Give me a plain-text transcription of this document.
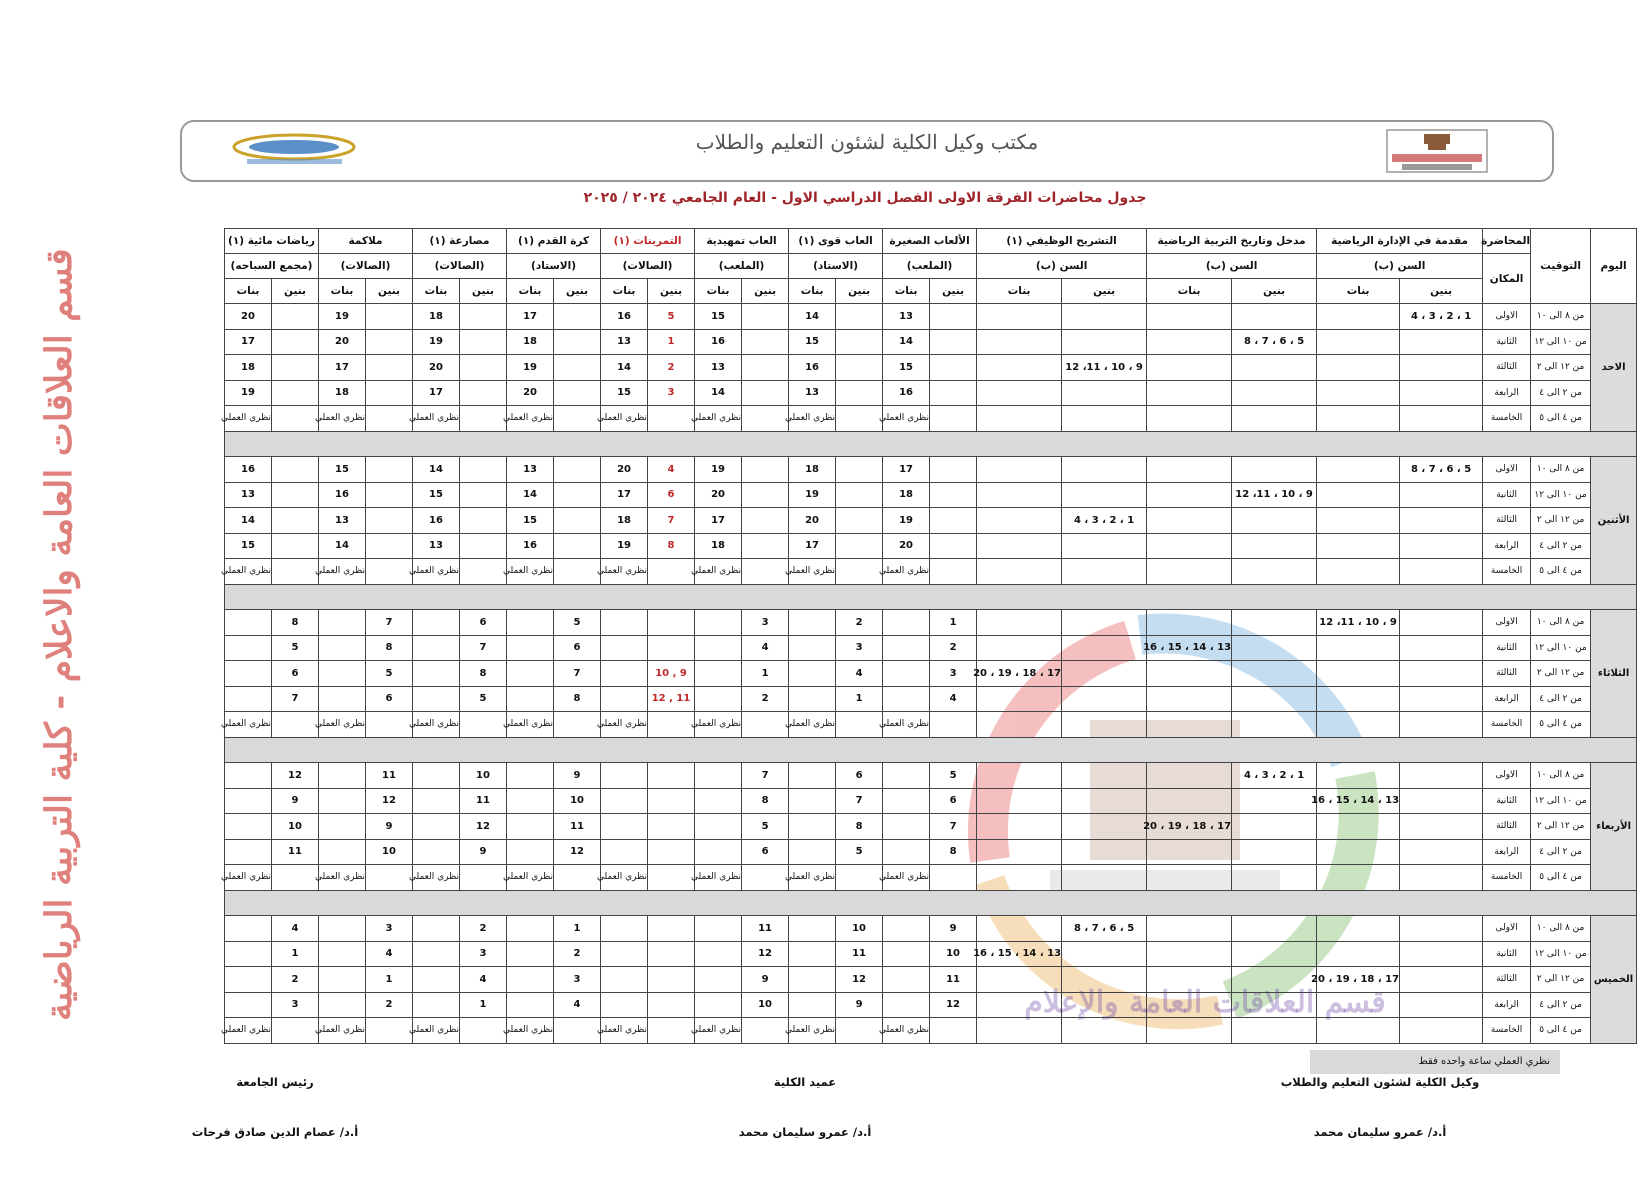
مكتب وكيل الكلية لشئون التعليم والطلاب
جدول محاضرات الفرقة الاولى الفصل الدراسي الاول - العام الجامعي ٢٠٢٤ / ٢٠٢٥
قسم العلاقات العامة والاعلام - كلية التربية الرياضية	قسم العلاقات العامة والإعلام
اليوم	التوقيت	المحاضرة	مقدمة في الإدارة الرياضية		مدخل وتاريخ التربية الرياضية		التشريح الوظيفي (١)		الألعاب الصغيرة		العاب قوى (١)		العاب تمهيدية		التمرينات (١)		كرة القدم (١)		مصارعة (١)		ملاكمة		رياضات مائية (١)	
		المكان	السن (ب)		السن (ب)		السن (ب)		(الملعب)		(الاستاد)		(الملعب)		(الصالات)		(الاستاد)		(الصالات)		(الصالات)		(مجمع السباحه)	
			بنين	بنات	بنين	بنات	بنين	بنات	بنين	بنات	بنين	بنات	بنين	بنات	بنين	بنات	بنين	بنات	بنين	بنات	بنين	بنات	بنين	بنات
الاحد	من ٨ الى ١٠	الاولى	1 ، 2 ، 3 ، 4							13		14		15	5	16		17		18		19		20
	من ١٠ الى ١٢	الثانية			5 ، 6 ، 7 ، 8					14		15		16	1	13		18		19		20		17
	من ١٢ الى ٢	الثالثة					9 ، 10 ، 11، 12			15		16		13	2	14		19		20		17		18
	من ٢ الى ٤	الرابعة								16		13		14	3	15		20		17		18		19
	من ٤ الى ٥	الخامسة								نظري العملي		نظري العملي		نظري العملي		نظري العملي		نظري العملي		نظري العملي		نظري العملي		نظري العملي

الأثنين	من ٨ الى ١٠	الاولى	5 ، 6 ، 7 ، 8							17		18		19	4	20		13		14		15		16
	من ١٠ الى ١٢	الثانية			9 ، 10 ، 11، 12					18		19		20	6	17		14		15		16		13
	من ١٢ الى ٢	الثالثة					1 ، 2 ، 3 ، 4			19		20		17	7	18		15		16		13		14
	من ٢ الى ٤	الرابعة								20		17		18	8	19		16		13		14		15
	من ٤ الى ٥	الخامسة								نظري العملي		نظري العملي		نظري العملي		نظري العملي		نظري العملي		نظري العملي		نظري العملي		نظري العملي

الثلاثاء	من ٨ الى ١٠	الاولى		9 ، 10 ، 11، 12					1		2		3				5		6		7		8	
	من ١٠ الى ١٢	الثانية				13 ، 14 ، 15 ، 16			2		3		4				6		7		8		5	
	من ١٢ الى ٢	الثالثة						17 ، 18 ، 19 ، 20	3		4		1		9 , 10		7		8		5		6	
	من ٢ الى ٤	الرابعة							4		1		2		11 , 12		8		5		6		7	
	من ٤ الى ٥	الخامسة								نظري العملي		نظري العملي		نظري العملي		نظري العملي		نظري العملي		نظري العملي		نظري العملي		نظري العملي

الأربعاء	من ٨ الى ١٠	الاولى			1 ، 2 ، 3 ، 4				5		6		7				9		10		11		12	
	من ١٠ الى ١٢	الثانية		13 ، 14 ، 15 ، 16					6		7		8				10		11		12		9	
	من ١٢ الى ٢	الثالثة				17 ، 18 ، 19 ، 20			7		8		5				11		12		9		10	
	من ٢ الى ٤	الرابعة							8		5		6				12		9		10		11	
	من ٤ الى ٥	الخامسة								نظري العملي		نظري العملي		نظري العملي		نظري العملي		نظري العملي		نظري العملي		نظري العملي		نظري العملي

الخميس	من ٨ الى ١٠	الاولى					5 ، 6 ، 7 ، 8		9		10		11				1		2		3		4	
	من ١٠ الى ١٢	الثانية						13 ، 14 ، 15 ، 16	10		11		12				2		3		4		1	
	من ١٢ الى ٢	الثالثة		17 ، 18 ، 19 ، 20					11		12		9				3		4		1		2	
	من ٢ الى ٤	الرابعة							12		9		10				4		1		2		3	
	من ٤ الى ٥	الخامسة								نظري العملي		نظري العملي		نظري العملي		نظري العملي		نظري العملي		نظري العملي		نظري العملي		نظري العملي
نظري العملي ساعة واحده فقط
وكيل الكلية لشئون التعليم والطلاب
أ.د/ عمرو سليمان محمد
عميد الكلية
أ.د/ عمرو سليمان محمد
رئيس الجامعة
أ.د/ عصام الدين صادق فرحات
